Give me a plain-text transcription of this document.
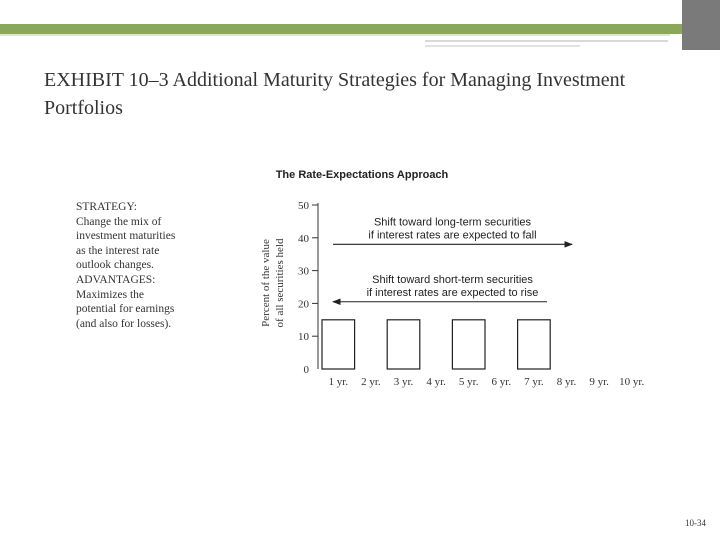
EXHIBIT 10–3 Additional Maturity Strategies for Managing Investment Portfolios
STRATEGY:
Change the mix of
investment maturities
as the interest rate
outlook changes.
ADVANTAGES:
Maximizes the
potential for earnings
(and also for losses).
The Rate-Expectations Approach
Percent of the value of all securities held
0
10
20
30
40
50
1 yr. 2 yr. 3 yr. 4 yr. 5 yr. 6 yr. 7 yr. 8 yr. 9 yr. 10 yr.
Shift toward long-term securities
if interest rates are expected to fall
Shift toward short-term securities
if interest rates are expected to rise
10-34
